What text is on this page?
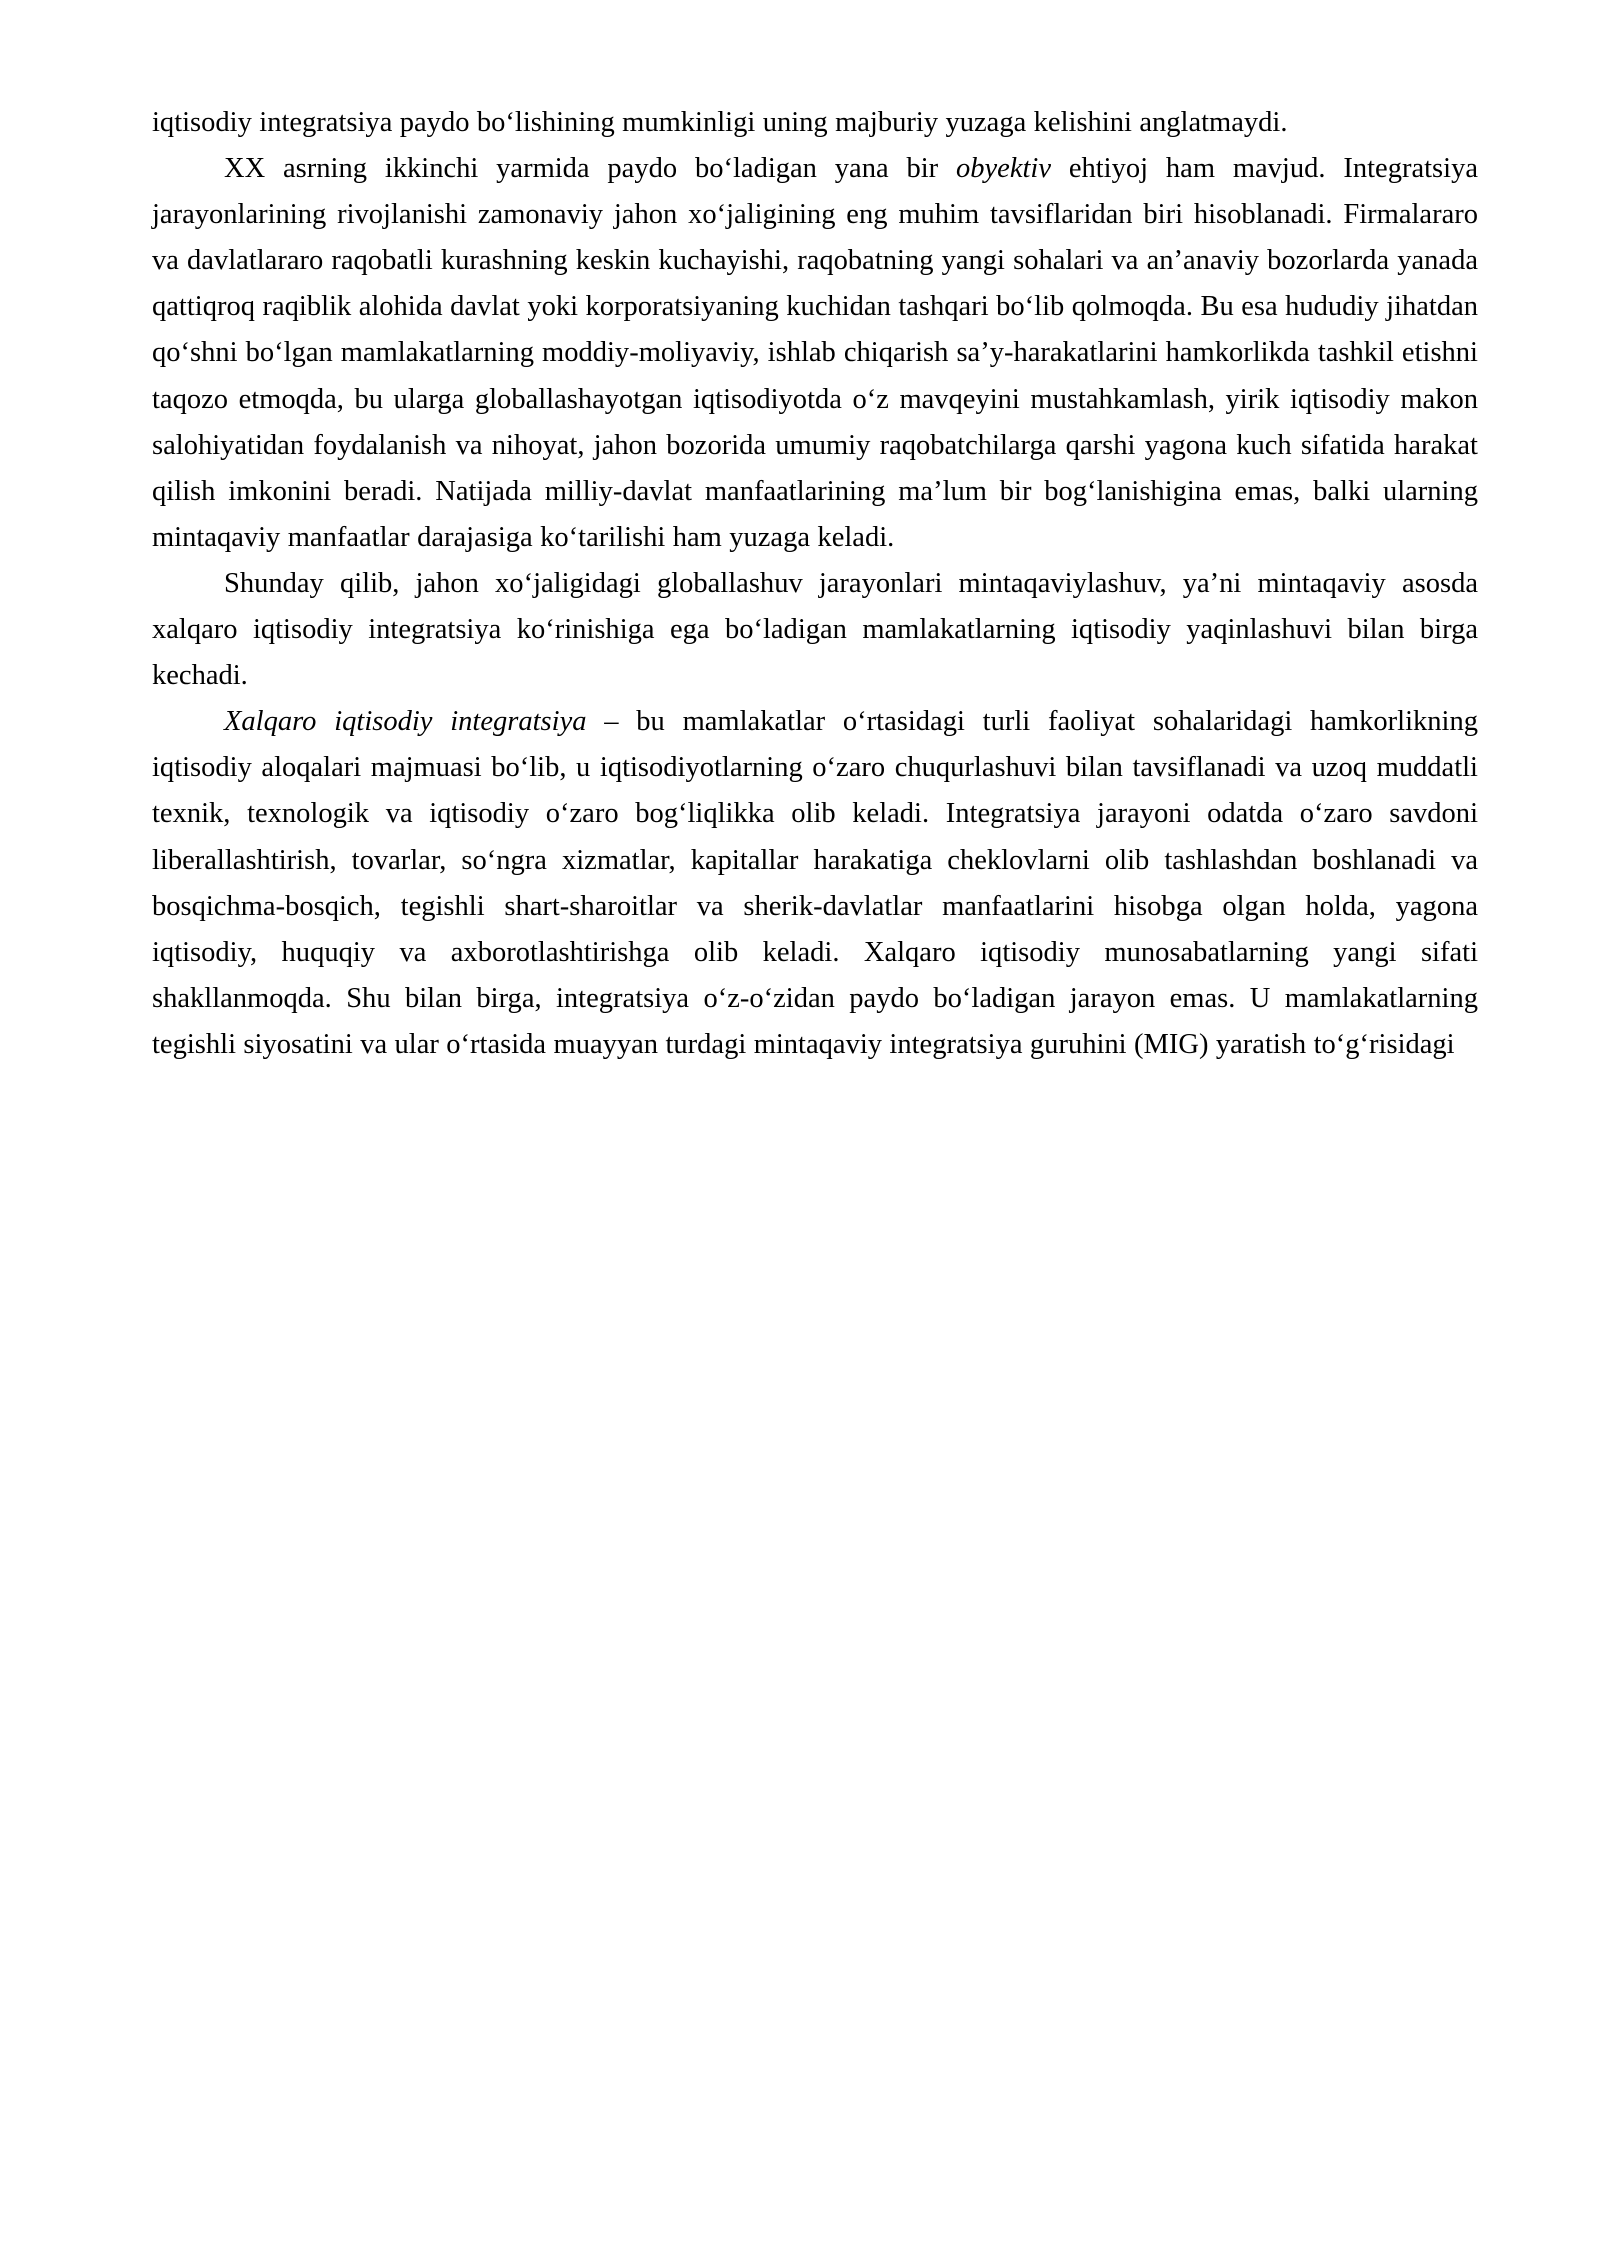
iqtisodiy integratsiya paydo bo‘lishining mumkinligi uning majburiy yuzaga kelishini anglatmaydi.

XX asrning ikkinchi yarmida paydo bo‘ladigan yana bir obyektiv ehtiyoj ham mavjud. Integratsiya jarayonlarining rivojlanishi zamonaviy jahon xo‘jaligining eng muhim tavsiflaridan biri hisoblanadi. Firmalararo va davlatlararo raqobatli kurashning keskin kuchayishi, raqobatning yangi sohalari va an’anaviy bozorlarda yanada qattiqroq raqiblik alohida davlat yoki korporatsiyaning kuchidan tashqari bo‘lib qolmoqda. Bu esa hududiy jihatdan qo‘shni bo‘lgan mamlakatlarning moddiy-moliyaviy, ishlab chiqarish sa’y-harakatlarini hamkorlikda tashkil etishni taqozo etmoqda, bu ularga globallashayotgan iqtisodiyotda o‘z mavqeyini mustahkamlash, yirik iqtisodiy makon salohiyatidan foydalanish va nihoyat, jahon bozorida umumiy raqobatchilarga qarshi yagona kuch sifatida harakat qilish imkonini beradi. Natijada milliy-davlat manfaatlarining ma’lum bir bog‘lanishigina emas, balki ularning mintaqaviy manfaatlar darajasiga ko‘tarilishi ham yuzaga keladi.

Shunday qilib, jahon xo‘jaligidagi globallashuv jarayonlari mintaqaviylashuv, ya’ni mintaqaviy asosda xalqaro iqtisodiy integratsiya ko‘rinishiga ega bo‘ladigan mamlakatlarning iqtisodiy yaqinlashuvi bilan birga kechadi.

Xalqaro iqtisodiy integratsiya – bu mamlakatlar o‘rtasidagi turli faoliyat sohalaridagi hamkorlikning iqtisodiy aloqalari majmuasi bo‘lib, u iqtisodiyotlarning o‘zaro chuqurlashuvi bilan tavsiflanadi va uzoq muddatli texnik, texnologik va iqtisodiy o‘zaro bog‘liqlikka olib keladi. Integratsiya jarayoni odatda o‘zaro savdoni liberallashtirish, tovarlar, so‘ngra xizmatlar, kapitallar harakatiga cheklovlarni olib tashlashdan boshlanadi va bosqichma-bosqich, tegishli shart-sharoitlar va sherik-davlatlar manfaatlarini hisobga olgan holda, yagona iqtisodiy, huquqiy va axborotlashtirishga olib keladi. Xalqaro iqtisodiy munosabatlarning yangi sifati shakllanmoqda. Shu bilan birga, integratsiya o‘z-o‘zidan paydo bo‘ladigan jarayon emas. U mamlakatlarning tegishli siyosatini va ular o‘rtasida muayyan turdagi mintaqaviy integratsiya guruhini (MIG) yaratish to‘g‘risidagi
